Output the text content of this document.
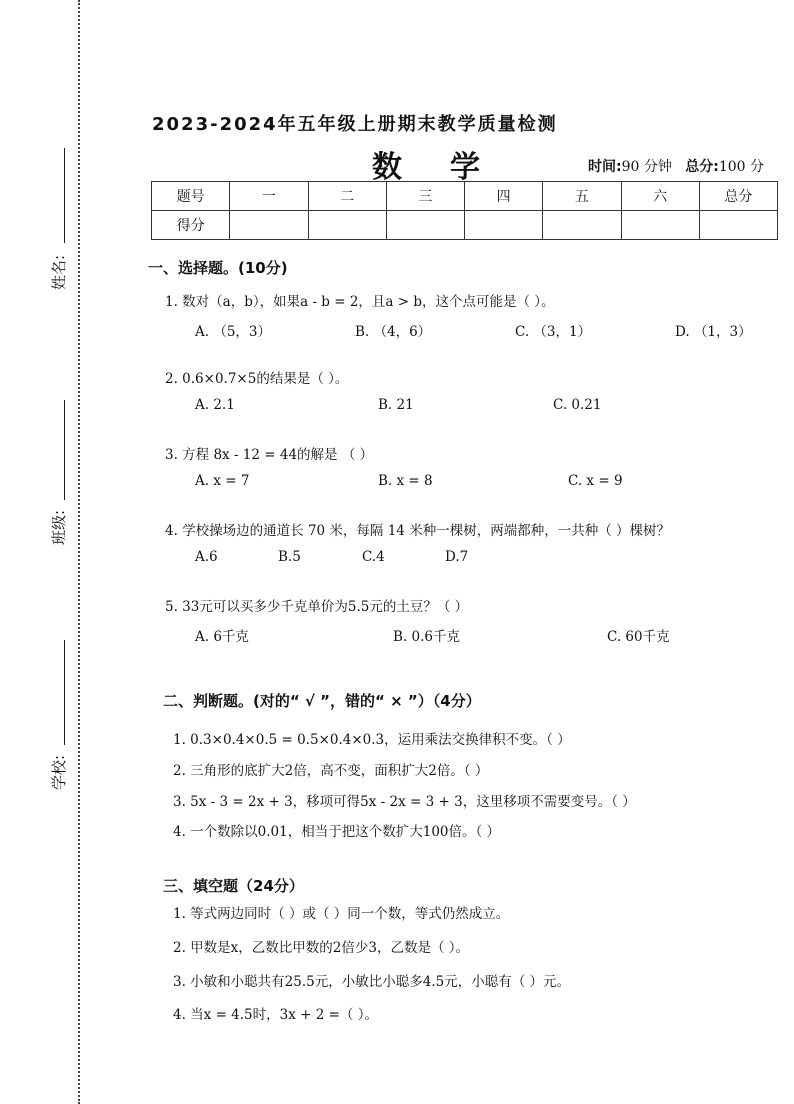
姓名:
班级:
学校:
2023-2024年五年级上册期末教学质量检测
数学	时间:90 分钟 总分:100 分
题号	一	二	三	四	五	六	总分
得分							
一、选择题。(10分)
1. 数对（a，b），如果a - b = 2，且a > b，这个点可能是（ ）。
A. （5，3）	B. （4，6）	C. （3，1）	D. （1，3）
2. 0.6×0.7×5的结果是（ ）。
A. 2.1	B. 21	C. 0.21
3. 方程 8x - 12 = 44的解是 （ ）
A. x = 7	B. x = 8	C. x = 9
4. 学校操场边的通道长 70 米，每隔 14 米种一棵树，两端都种，一共种（ ）棵树？
A.6	B.5	C.4	D.7
5. 33元可以买多少千克单价为5.5元的土豆？（ ）
A. 6千克	B. 0.6千克	C. 60千克
二、判断题。(对的“ √ ”，错的“ × ”）（4分）
1. 0.3×0.4×0.5 = 0.5×0.4×0.3，运用乘法交换律积不变。（ ）
2. 三角形的底扩大2倍，高不变，面积扩大2倍。（ ）
3. 5x - 3 = 2x + 3，移项可得5x - 2x = 3 + 3，这里移项不需要变号。（ ）
4. 一个数除以0.01，相当于把这个数扩大100倍。（ ）
三、填空题（24分）
1. 等式两边同时（ ）或（ ）同一个数，等式仍然成立。
2. 甲数是x，乙数比甲数的2倍少3，乙数是（ ）。
3. 小敏和小聪共有25.5元，小敏比小聪多4.5元，小聪有（ ）元。
4. 当x = 4.5时，3x + 2 =（ ）。
